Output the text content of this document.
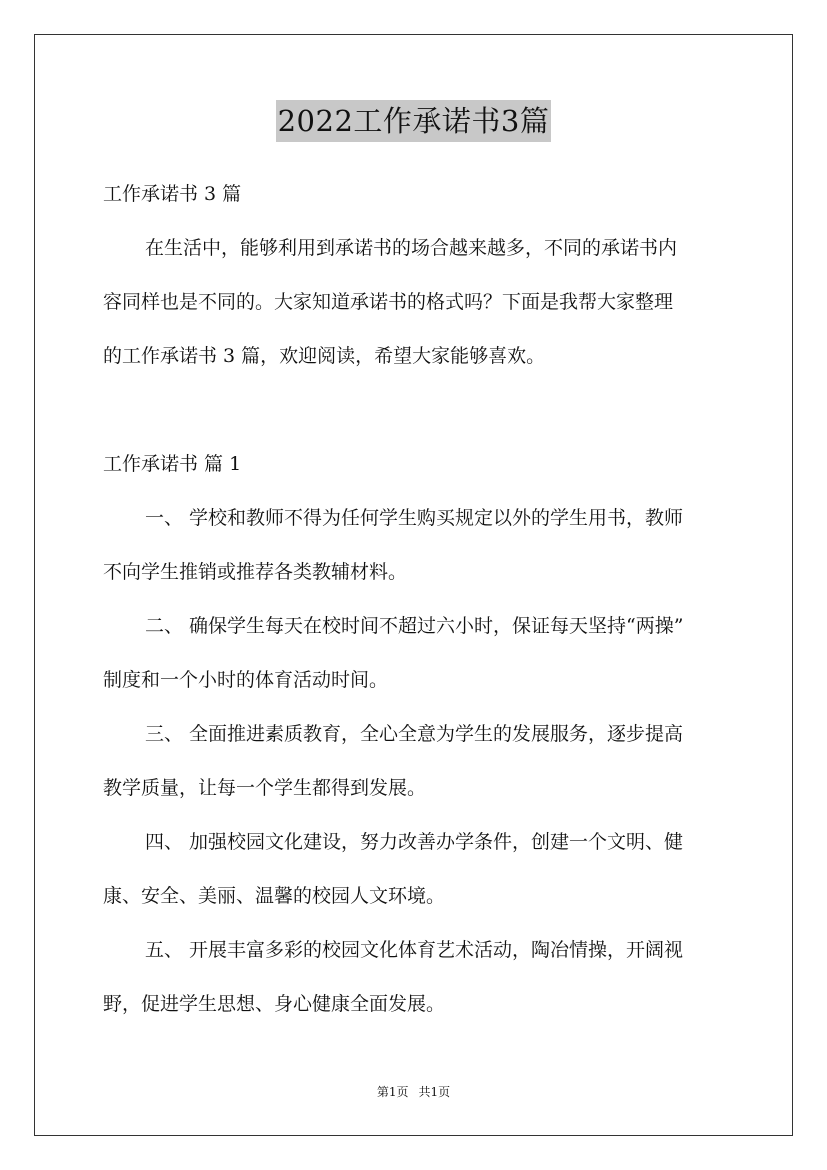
2022工作承诺书3篇
工作承诺书 3 篇
在生活中，能够利用到承诺书的场合越来越多，不同的承诺书内
容同样也是不同的。大家知道承诺书的格式吗？下面是我帮大家整理
的工作承诺书 3 篇，欢迎阅读，希望大家能够喜欢。
工作承诺书 篇 1
一、 学校和教师不得为任何学生购买规定以外的学生用书，教师
不向学生推销或推荐各类教辅材料。
二、 确保学生每天在校时间不超过六小时，保证每天坚持“两操”
制度和一个小时的体育活动时间。
三、 全面推进素质教育，全心全意为学生的发展服务，逐步提高
教学质量，让每一个学生都得到发展。
四、 加强校园文化建设，努力改善办学条件，创建一个文明、健
康、安全、美丽、温馨的校园人文环境。
五、 开展丰富多彩的校园文化体育艺术活动，陶冶情操，开阔视
野，促进学生思想、身心健康全面发展。
第1页 共1页
